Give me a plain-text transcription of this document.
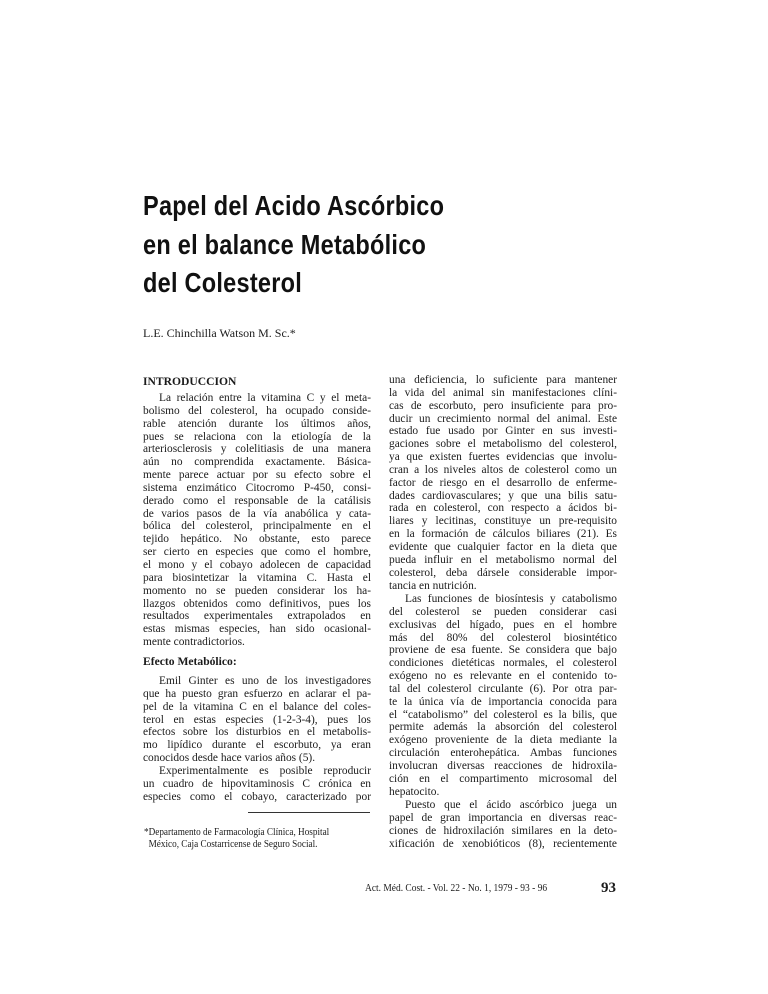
Papel del Acido Ascórbico
en el balance Metabólico
del Colesterol
L.E. Chinchilla Watson M. Sc.*
INTRODUCCION
La relación entre la vitamina C y el meta-
bolismo del colesterol, ha ocupado conside-
rable atención durante los últimos años,
pues se relaciona con la etiología de la
arteriosclerosis y colelitiasis de una manera
aún no comprendida exactamente. Básica-
mente parece actuar por su efecto sobre el
sistema enzimático Citocromo P-450, consi-
derado como el responsable de la catálisis
de varios pasos de la vía anabólica y cata-
bólica del colesterol, principalmente en el
tejido hepático. No obstante, esto parece
ser cierto en especies que como el hombre,
el mono y el cobayo adolecen de capacidad
para biosintetizar la vitamina C. Hasta el
momento no se pueden considerar los ha-
llazgos obtenidos como definitivos, pues los
resultados experimentales extrapolados en
estas mismas especies, han sido ocasional-
mente contradictorios.
Efecto Metabólico:
Emil Ginter es uno de los investigadores
que ha puesto gran esfuerzo en aclarar el pa-
pel de la vitamina C en el balance del coles-
terol en estas especies (1-2-3-4), pues los
efectos sobre los disturbios en el metabolis-
mo lipídico durante el escorbuto, ya eran
conocidos desde hace varios años (5).
Experimentalmente es posible reproducir
un cuadro de hipovitaminosis C crónica en
especies como el cobayo, caracterizado por
una deficiencia, lo suficiente para mantener
la vida del animal sin manifestaciones clíni-
cas de escorbuto, pero insuficiente para pro-
ducir un crecimiento normal del animal. Este
estado fue usado por Ginter en sus investi-
gaciones sobre el metabolismo del colesterol,
ya que existen fuertes evidencias que involu-
cran a los niveles altos de colesterol como un
factor de riesgo en el desarrollo de enferme-
dades cardiovasculares; y que una bilis satu-
rada en colesterol, con respecto a ácidos bi-
liares y lecitinas, constituye un pre-requisito
en la formación de cálculos biliares (21). Es
evidente que cualquier factor en la dieta que
pueda influir en el metabolismo normal del
colesterol, deba dársele considerable impor-
tancia en nutrición.
Las funciones de biosíntesis y catabolismo
del colesterol se pueden considerar casi
exclusivas del hígado, pues en el hombre
más del 80% del colesterol biosintético
proviene de esa fuente. Se considera que bajo
condiciones dietéticas normales, el colesterol
exógeno no es relevante en el contenido to-
tal del colesterol circulante (6). Por otra par-
te la única vía de importancia conocida para
el “catabolismo” del colesterol es la bilis, que
permite además la absorción del colesterol
exógeno proveniente de la dieta mediante la
circulación enterohepática. Ambas funciones
involucran diversas reacciones de hidroxila-
ción en el compartimento microsomal del
hepatocito.
Puesto que el ácido ascórbico juega un
papel de gran importancia en diversas reac-
ciones de hidroxilación similares en la deto-
xificación de xenobióticos (8), recientemente
*Departamento de Farmacología Clínica, Hospital
México, Caja Costarricense de Seguro Social.
Act. Méd. Cost. - Vol. 22 - No. 1, 1979 - 93 - 96	93
